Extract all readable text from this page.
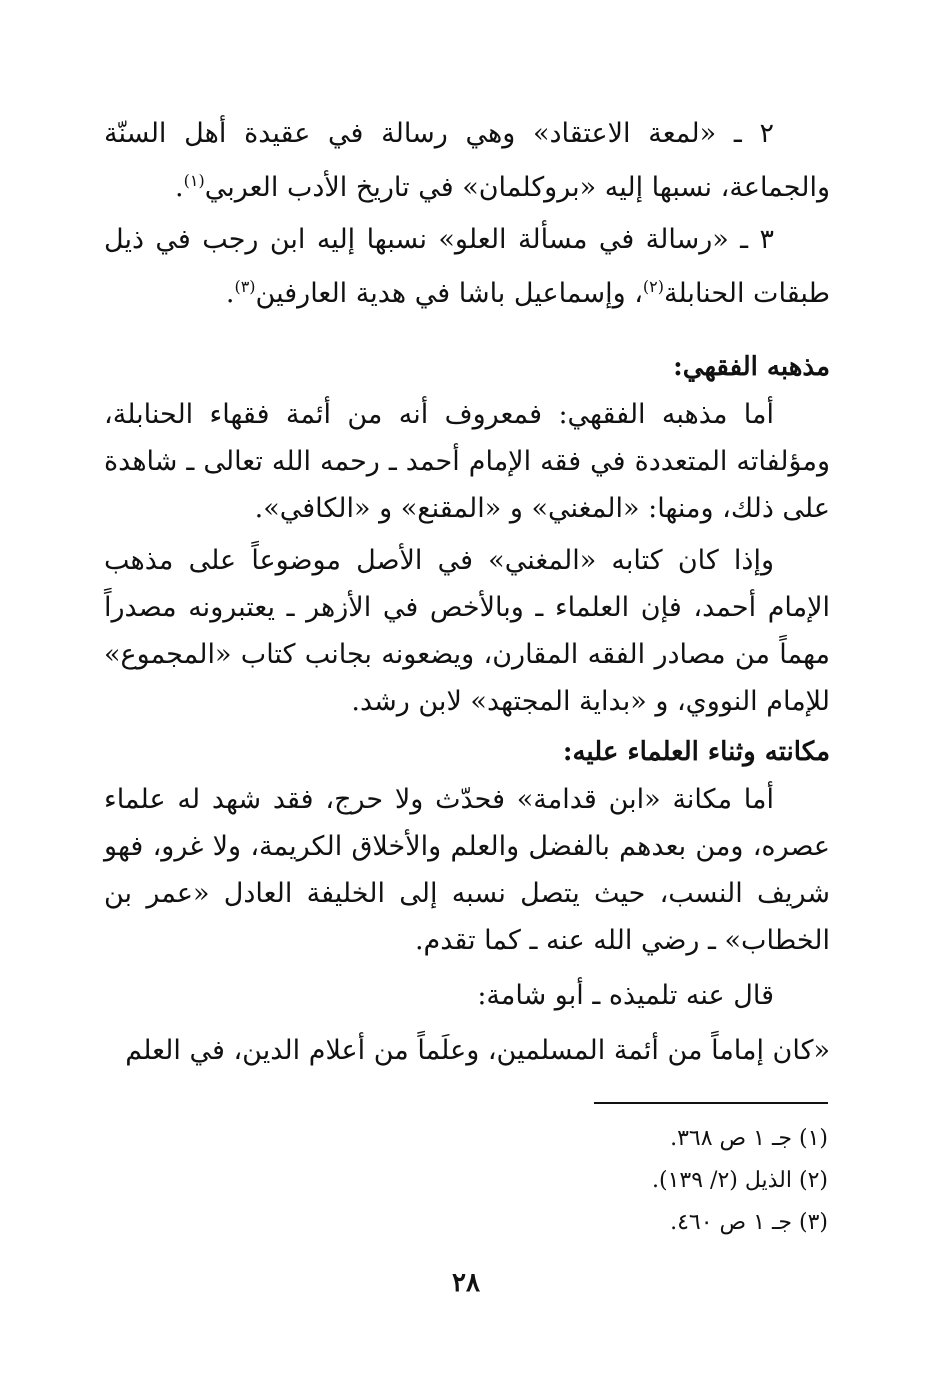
٢ ـ «لمعة الاعتقاد» وهي رسالة في عقيدة أهل السنّة والجماعة، نسبها إليه «بروكلمان» في تاريخ الأدب العربي$^{(١)}$.

٣ ـ «رسالة في مسألة العلو» نسبها إليه ابن رجب في ذيل طبقات الحنابلة$^{(٢)}$، وإسماعيل باشا في هدية العارفين$^{(٣)}$.

مذهبه الفقهي:

أما مذهبه الفقهي: فمعروف أنه من أئمة فقهاء الحنابلة، ومؤلفاته المتعددة في فقه الإمام أحمد ـ رحمه الله تعالى ـ شاهدة على ذلك، ومنها: «المغني» و «المقنع» و «الكافي».

وإذا كان كتابه «المغني» في الأصل موضوعاً على مذهب الإمام أحمد، فإن العلماء ـ وبالأخص في الأزهر ـ يعتبرونه مصدراً مهماً من مصادر الفقه المقارن، ويضعونه بجانب كتاب «المجموع» للإمام النووي، و «بداية المجتهد» لابن رشد.

مكانته وثناء العلماء عليه:

أما مكانة «ابن قدامة» فحدّث ولا حرج، فقد شهد له علماء عصره، ومن بعدهم بالفضل والعلم والأخلاق الكريمة، ولا غرو، فهو شريف النسب، حيث يتصل نسبه إلى الخليفة العادل «عمر بن الخطاب» ـ رضي الله عنه ـ كما تقدم.

قال عنه تلميذه ـ أبو شامة:

«كان إماماً من أئمة المسلمين، وعلَماً من أعلام الدين، في العلم

(١) جـ ١ ص ٣٦٨.
(٢) الذيل (٢/ ١٣٩).
(٣) جـ ١ ص ٤٦٠.
٢٨
